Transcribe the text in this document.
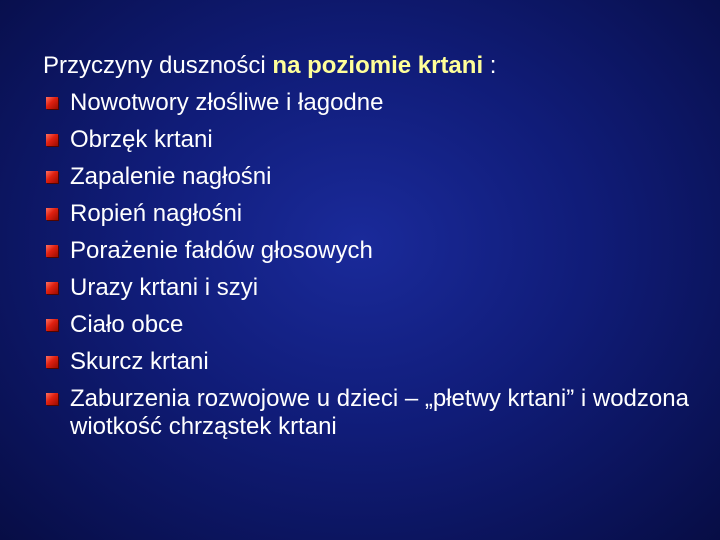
Przyczyny duszności na poziomie krtani :
Nowotwory złośliwe i łagodne
Obrzęk krtani
Zapalenie nagłośni
Ropień nagłośni
Porażenie fałdów głosowych
Urazy krtani i szyi
Ciało obce
Skurcz krtani
Zaburzenia rozwojowe u dzieci – „płetwy krtani” i wodzona wiotkość chrząstek krtani
